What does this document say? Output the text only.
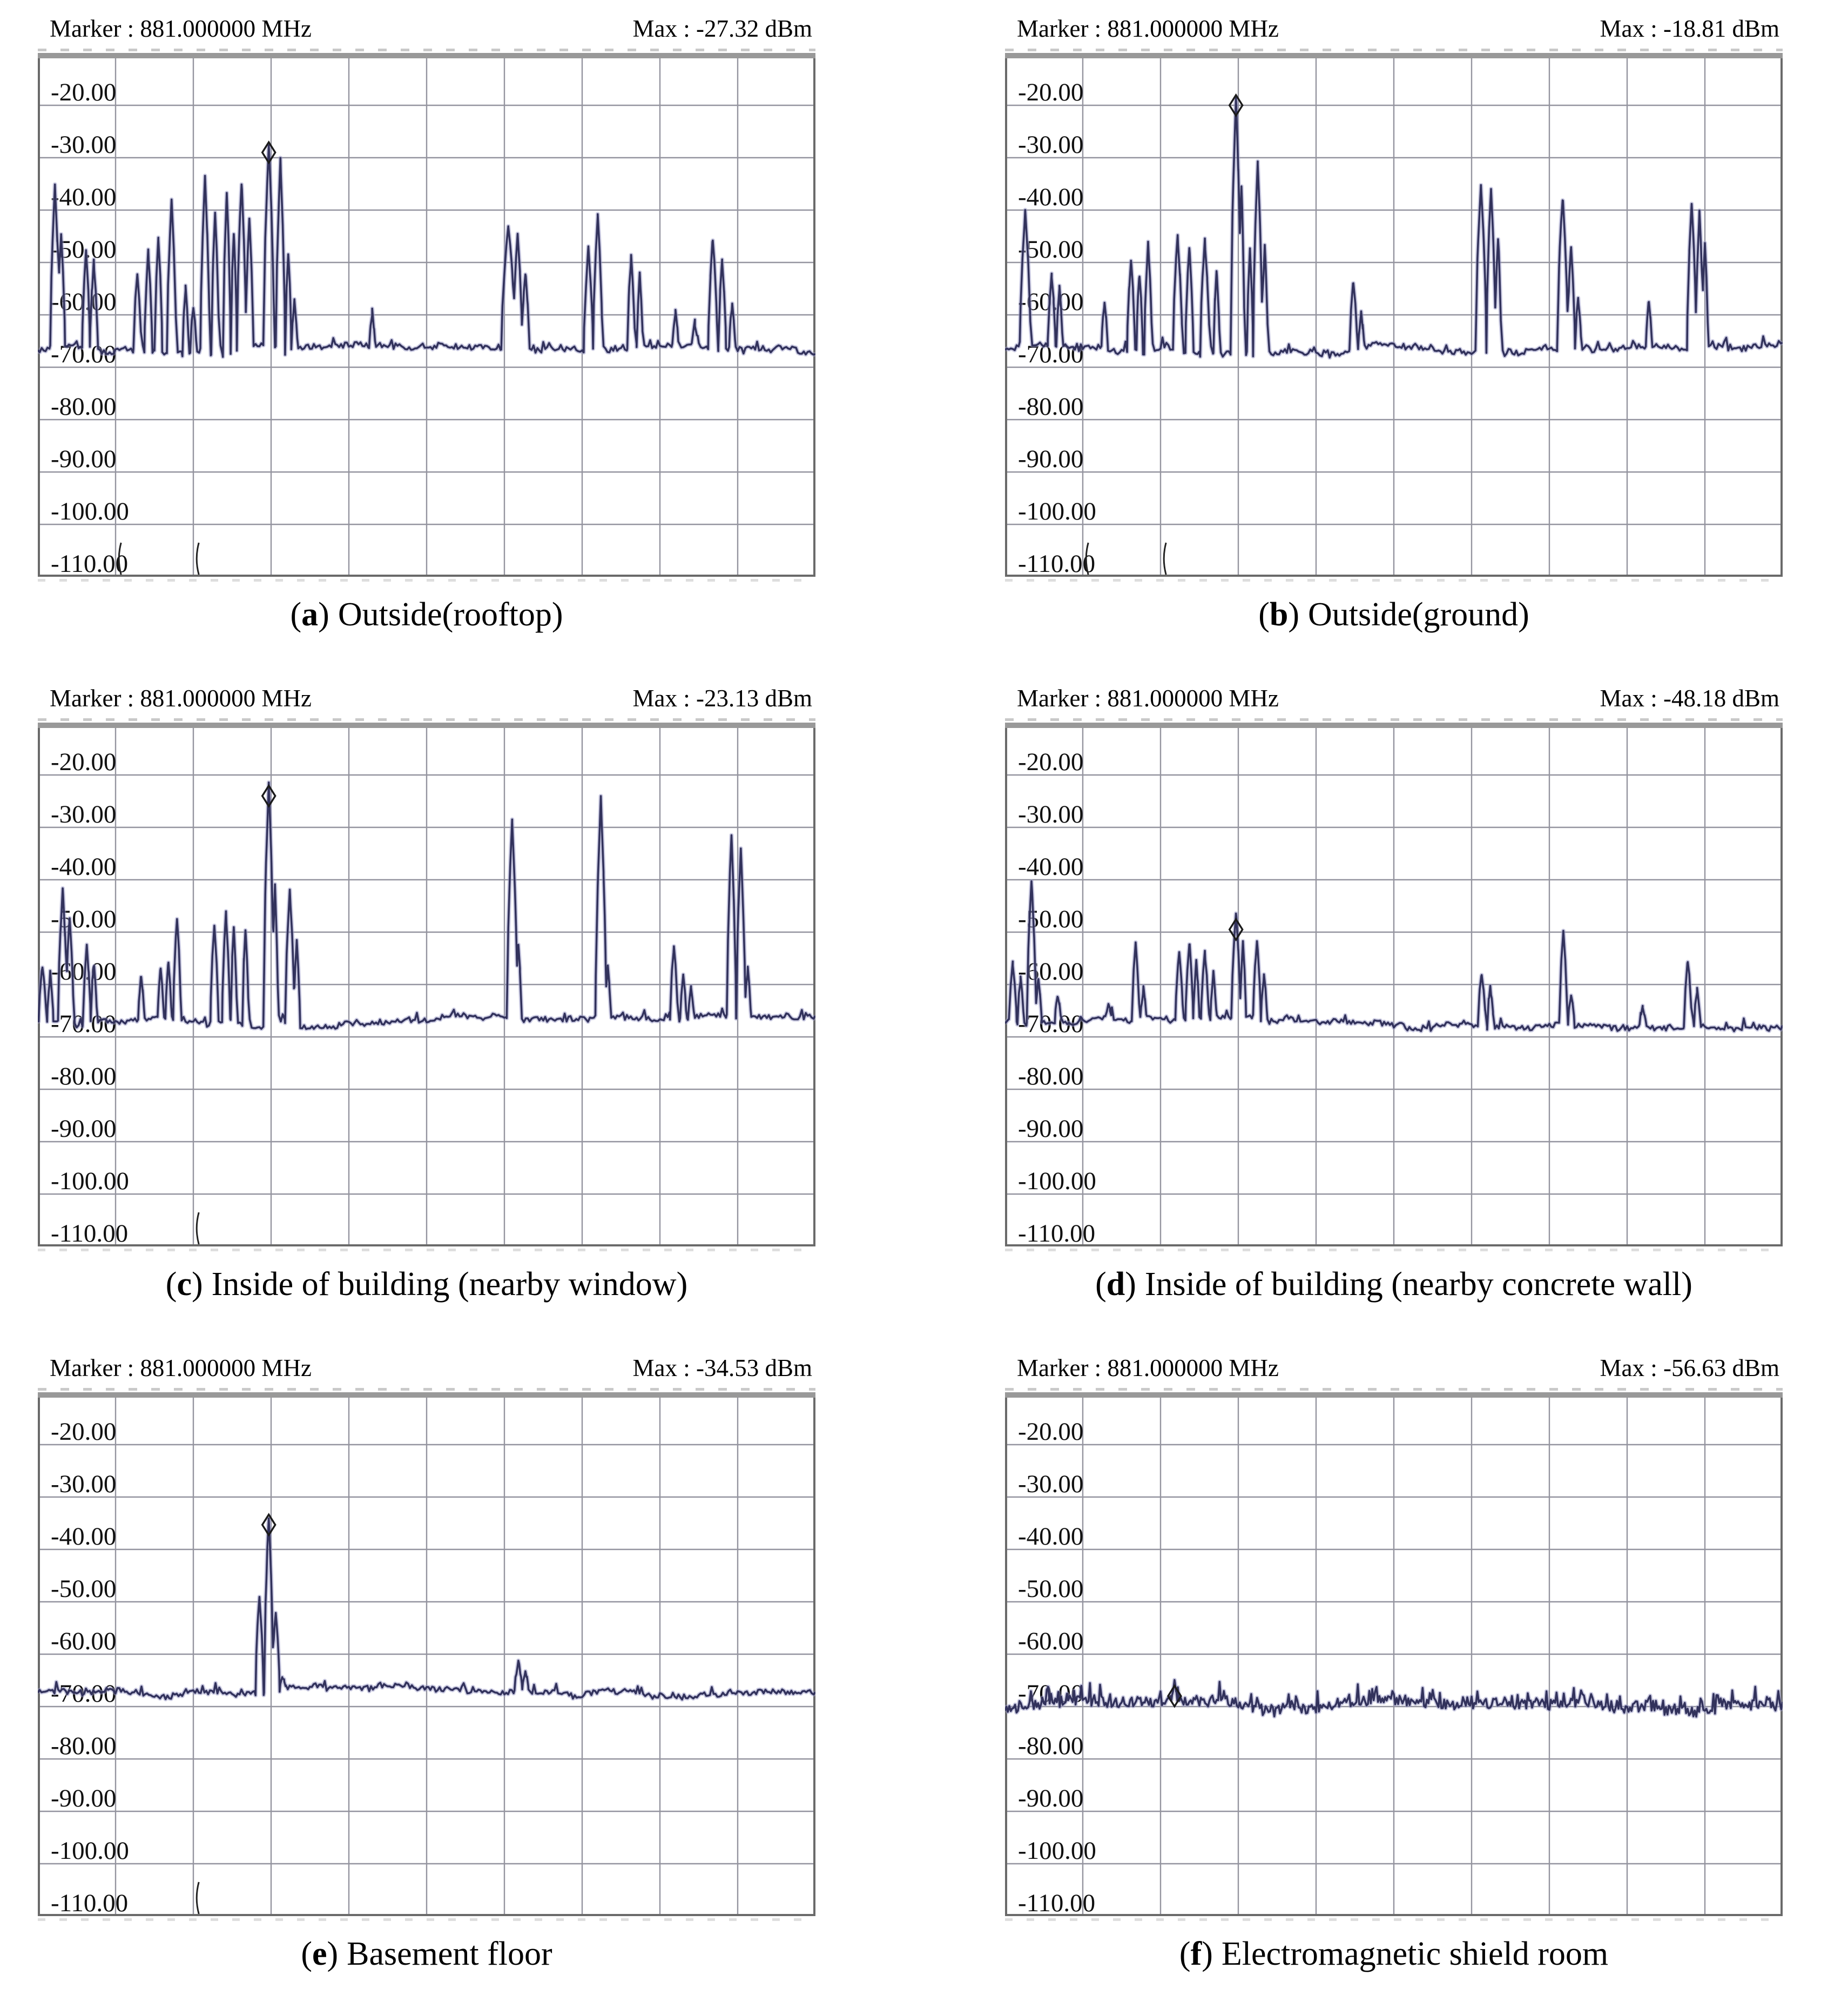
Marker : 881.000000 MHz	Max : -27.32 dBm
-20.00
-30.00
-40.00
-50.00
-60.00
-70.00
-80.00
-90.00
-100.00
-110.00
(a) Outside(rooftop)
Marker : 881.000000 MHz	Max : -18.81 dBm
-20.00
-30.00
-40.00
-50.00
-60.00
-70.00
-80.00
-90.00
-100.00
-110.00
(b) Outside(ground)
Marker : 881.000000 MHz	Max : -23.13 dBm
-20.00
-30.00
-40.00
-50.00
-60.00
-70.00
-80.00
-90.00
-100.00
-110.00
(c) Inside of building (nearby window)
Marker : 881.000000 MHz	Max : -48.18 dBm
-20.00
-30.00
-40.00
-50.00
-60.00
-70.00
-80.00
-90.00
-100.00
-110.00
(d) Inside of building (nearby concrete wall)
Marker : 881.000000 MHz	Max : -34.53 dBm
-20.00
-30.00
-40.00
-50.00
-60.00
-70.00
-80.00
-90.00
-100.00
-110.00
(e) Basement floor
Marker : 881.000000 MHz	Max : -56.63 dBm
-20.00
-30.00
-40.00
-50.00
-60.00
-70.00
-80.00
-90.00
-100.00
-110.00
(f) Electromagnetic shield room
